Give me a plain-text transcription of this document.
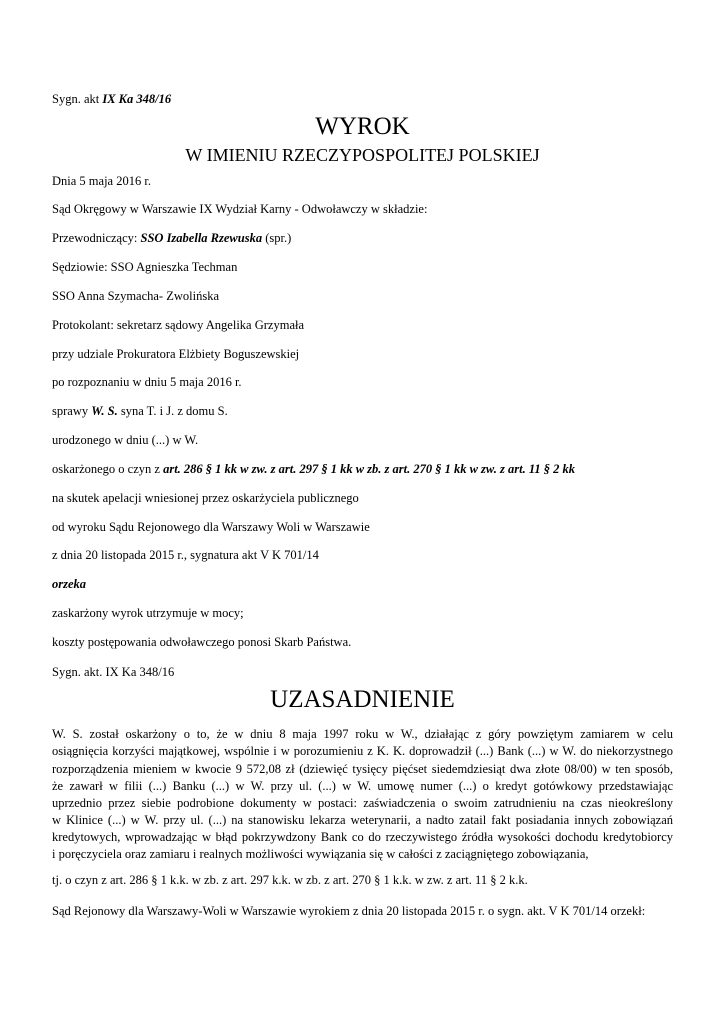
Sygn. akt IX Ka 348/16
WYROK
W IMIENIU RZECZYPOSPOLITEJ POLSKIEJ
Dnia 5 maja 2016 r.
Sąd Okręgowy w Warszawie IX Wydział Karny - Odwoławczy w składzie:
Przewodniczący: SSO Izabella Rzewuska (spr.)
Sędziowie: SSO Agnieszka Techman
SSO Anna Szymacha- Zwolińska
Protokolant: sekretarz sądowy Angelika Grzymała
przy udziale Prokuratora Elżbiety Boguszewskiej
po rozpoznaniu w dniu 5 maja 2016 r.
sprawy W. S. syna T. i J. z domu S.
urodzonego w dniu (...) w W.
oskarżonego o czyn z art. 286 § 1 kk w zw. z art. 297 § 1 kk w zb. z art. 270 § 1 kk w zw. z art. 11 § 2 kk
na skutek apelacji wniesionej przez oskarżyciela publicznego
od wyroku Sądu Rejonowego dla Warszawy Woli w Warszawie
z dnia 20 listopada 2015 r., sygnatura akt V K 701/14
orzeka
zaskarżony wyrok utrzymuje w mocy;
koszty postępowania odwoławczego ponosi Skarb Państwa.
Sygn. akt. IX Ka 348/16
UZASADNIENIE
W. S. został oskarżony o to, że w dniu 8 maja 1997 roku w W., działając z góry powziętym zamiarem w celu
osiągnięcia korzyści majątkowej, wspólnie i w porozumieniu z K. K. doprowadził (...) Bank (...) w W. do niekorzystnego
rozporządzenia mieniem w kwocie 9 572,08 zł (dziewięć tysięcy pięćset siedemdziesiąt dwa złote 08/00) w ten sposób,
że zawarł w filii (...) Banku (...) w W. przy ul. (...) w W. umowę numer (...) o kredyt gotówkowy przedstawiając
uprzednio przez siebie podrobione dokumenty w postaci: zaświadczenia o swoim zatrudnieniu na czas nieokreślony
w Klinice (...) w W. przy ul. (...) na stanowisku lekarza weterynarii, a nadto zatail fakt posiadania innych zobowiązań
kredytowych, wprowadzając w błąd pokrzywdzony Bank co do rzeczywistego źródła wysokości dochodu kredytobiorcy
i poręczyciela oraz zamiaru i realnych możliwości wywiązania się w całości z zaciągniętego zobowiązania,
tj. o czyn z art. 286 § 1 k.k. w zb. z art. 297 k.k. w zb. z art. 270 § 1 k.k. w zw. z art. 11 § 2 k.k.
Sąd Rejonowy dla Warszawy-Woli w Warszawie wyrokiem z dnia 20 listopada 2015 r. o sygn. akt. V K 701/14 orzekł:
